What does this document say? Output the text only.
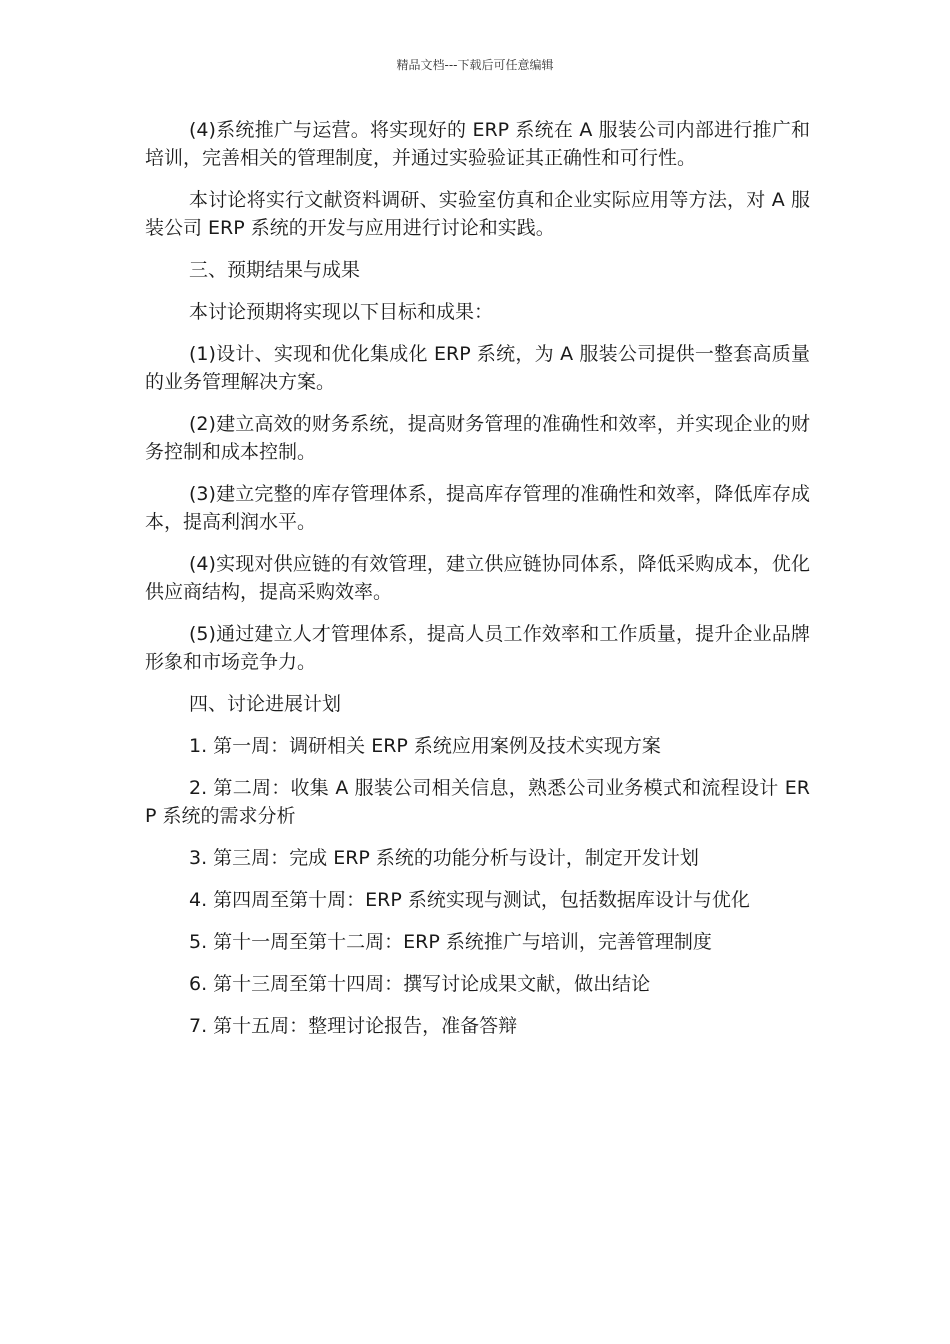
精品文档---下载后可任意编辑

(4)系统推广与运营。将实现好的 ERP 系统在 A 服装公司内部进行推广和培训，完善相关的管理制度，并通过实验验证其正确性和可行性。

本讨论将实行文献资料调研、实验室仿真和企业实际应用等方法，对 A 服装公司 ERP 系统的开发与应用进行讨论和实践。

三、预期结果与成果

本讨论预期将实现以下目标和成果：

(1)设计、实现和优化集成化 ERP 系统，为 A 服装公司提供一整套高质量的业务管理解决方案。

(2)建立高效的财务系统，提高财务管理的准确性和效率，并实现企业的财务控制和成本控制。

(3)建立完整的库存管理体系，提高库存管理的准确性和效率，降低库存成本，提高利润水平。

(4)实现对供应链的有效管理，建立供应链协同体系，降低采购成本，优化供应商结构，提高采购效率。

(5)通过建立人才管理体系，提高人员工作效率和工作质量，提升企业品牌形象和市场竞争力。

四、讨论进展计划

1. 第一周：调研相关 ERP 系统应用案例及技术实现方案

2. 第二周：收集 A 服装公司相关信息，熟悉公司业务模式和流程设计 ERP 系统的需求分析

3. 第三周：完成 ERP 系统的功能分析与设计，制定开发计划

4. 第四周至第十周：ERP 系统实现与测试，包括数据库设计与优化

5. 第十一周至第十二周：ERP 系统推广与培训，完善管理制度

6. 第十三周至第十四周：撰写讨论成果文献，做出结论

7. 第十五周：整理讨论报告，准备答辩
